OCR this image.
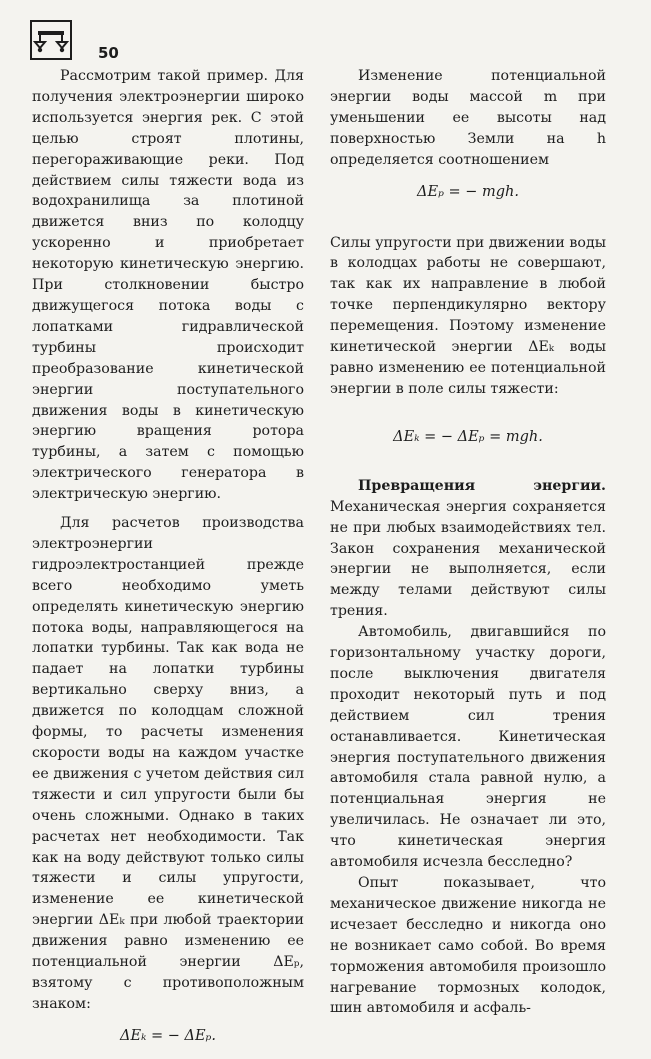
50

Рассмотрим такой пример. Для получения электроэнергии широко используется энергия рек. С этой целью строят плотины, перегораживающие реки. Под действием силы тяжести вода из водохранилища за плотиной движется вниз по колодцу ускоренно и приобретает некоторую кинетическую энергию. При столкновении быстро движущегося потока воды с лопатками гидравлической турбины происходит преобразование кинетической энергии поступательного движения воды в кинетическую энергию вращения ротора турбины, а затем с помощью электрического генератора в электрическую энергию.

Для расчетов производства электроэнергии гидроэлектростанцией прежде всего необходимо уметь определять кинетическую энергию потока воды, направляющегося на лопатки турбины. Так как вода не падает на лопатки турбины вертикально сверху вниз, а движется по колодцам сложной формы, то расчеты изменения скорости воды на каждом участке ее движения с учетом действия сил тяжести и сил упругости были бы очень сложными. Однако в таких расчетах нет необходимости. Так как на воду действуют только силы тяжести и силы упругости, изменение ее кинетической энергии ΔEₖ при любой траектории движения равно изменению ее потенциальной энергии ΔEₚ, взятому с противоположным знаком:

ΔEₖ = − ΔEₚ.

Изменение потенциальной энергии воды массой m при уменьшении ее высоты над поверхностью Земли на h определяется соотношением

ΔEₚ = − mgh.

Силы упругости при движении воды в колодцах работы не совершают, так как их направление в любой точке перпендикулярно вектору перемещения. Поэтому изменение кинетической энергии ΔEₖ воды равно изменению ее потенциальной энергии в поле силы тяжести:

ΔEₖ = − ΔEₚ = mgh.

Превращения энергии. Механическая энергия сохраняется не при любых взаимодействиях тел. Закон сохранения механической энергии не выполняется, если между телами действуют силы трения.

Автомобиль, двигавшийся по горизонтальному участку дороги, после выключения двигателя проходит некоторый путь и под действием сил трения останавливается. Кинетическая энергия поступательного движения автомобиля стала равной нулю, а потенциальная энергия не увеличилась. Не означает ли это, что кинетическая энергия автомобиля исчезла бесследно?

Опыт показывает, что механическое движение никогда не исчезает бесследно и никогда оно не возникает само собой. Во время торможения автомобиля произошло нагревание тормозных колодок, шин автомобиля и асфаль-
